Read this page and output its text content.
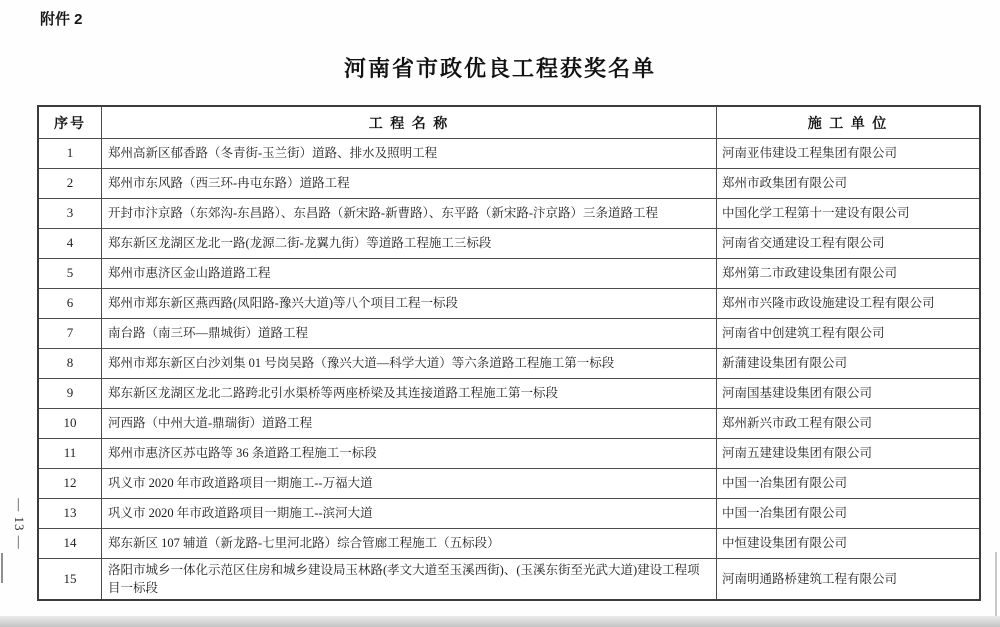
附件 2
河南省市政优良工程获奖名单
序号	工 程 名 称	施 工 单 位
1	郑州高新区郁香路（冬青街-玉兰街）道路、排水及照明工程	河南亚伟建设工程集团有限公司
2	郑州市东风路（西三环-冉屯东路）道路工程	郑州市政集团有限公司
3	开封市汴京路（东郊沟-东昌路）、东昌路（新宋路-新曹路）、东平路（新宋路-汴京路）三条道路工程	中国化学工程第十一建设有限公司
4	郑东新区龙湖区龙北一路(龙源二街-龙翼九街）等道路工程施工三标段	河南省交通建设工程有限公司
5	郑州市惠济区金山路道路工程	郑州第二市政建设集团有限公司
6	郑州市郑东新区燕西路(凤阳路-豫兴大道)等八个项目工程一标段	郑州市兴隆市政设施建设工程有限公司
7	南台路（南三环—鼎城街）道路工程	河南省中创建筑工程有限公司
8	郑州市郑东新区白沙刘集 01 号岗吴路（豫兴大道—科学大道）等六条道路工程施工第一标段	新蒲建设集团有限公司
9	郑东新区龙湖区龙北二路跨北引水渠桥等两座桥梁及其连接道路工程施工第一标段	河南国基建设集团有限公司
10	河西路（中州大道-鼎瑞街）道路工程	郑州新兴市政工程有限公司
11	郑州市惠济区苏屯路等 36 条道路工程施工一标段	河南五建建设集团有限公司
12	巩义市 2020 年市政道路项目一期施工--万福大道	中国一冶集团有限公司
13	巩义市 2020 年市政道路项目一期施工--滨河大道	中国一冶集团有限公司
14	郑东新区 107 辅道（新龙路-七里河北路）综合管廊工程施工（五标段）	中恒建设集团有限公司
15	洛阳市城乡一体化示范区住房和城乡建设局玉林路(孝文大道至玉溪西街)、(玉溪东街至光武大道)建设工程项目一标段	河南明通路桥建筑工程有限公司
— 13 —
